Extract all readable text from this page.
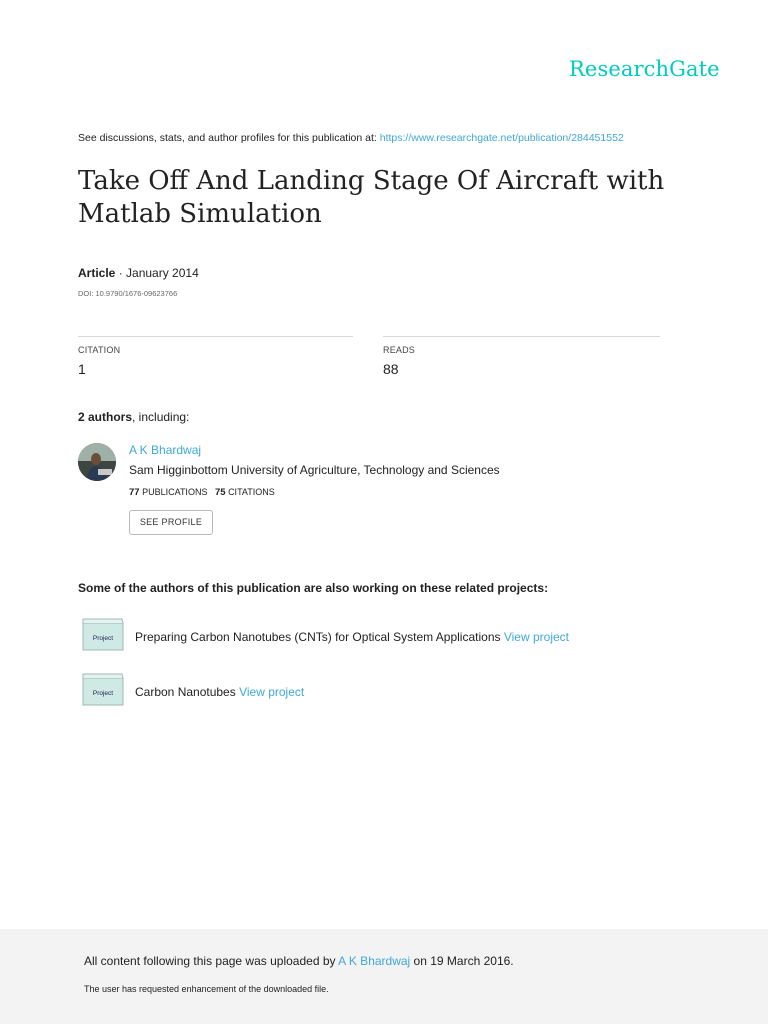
ResearchGate
See discussions, stats, and author profiles for this publication at: https://www.researchgate.net/publication/284451552
Take Off And Landing Stage Of Aircraft with Matlab Simulation
Article · January 2014
DOI: 10.9790/1676-09623766
CITATION
1
READS
88
2 authors, including:
A K Bhardwaj
Sam Higginbottom University of Agriculture, Technology and Sciences
77 PUBLICATIONS 75 CITATIONS
SEE PROFILE
Some of the authors of this publication are also working on these related projects:
Project Preparing Carbon Nanotubes (CNTs) for Optical System Applications View project
Project Carbon Nanotubes View project
All content following this page was uploaded by A K Bhardwaj on 19 March 2016.
The user has requested enhancement of the downloaded file.
